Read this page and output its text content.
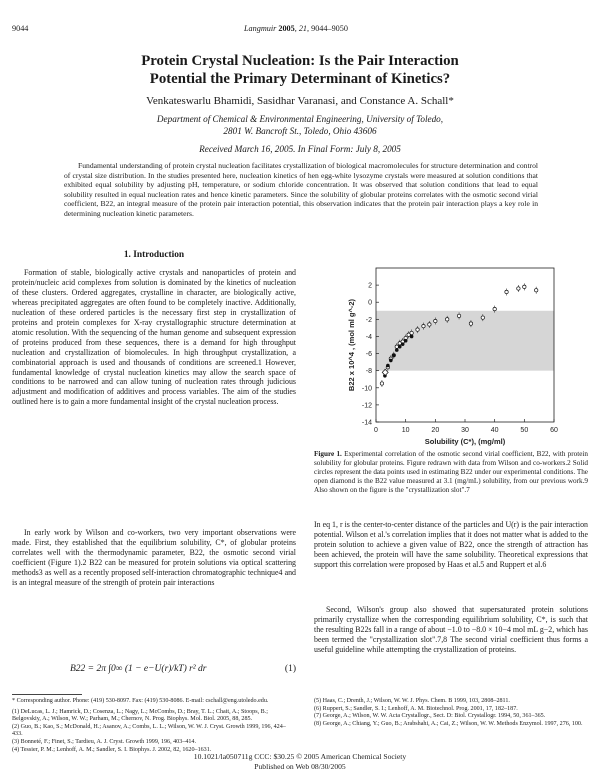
9044	Langmuir 2005, 21, 9044–9050
Protein Crystal Nucleation: Is the Pair Interaction
Potential the Primary Determinant of Kinetics?
Venkateswarlu Bhamidi, Sasidhar Varanasi, and Constance A. Schall*
Department of Chemical & Environmental Engineering, University of Toledo,
2801 W. Bancroft St., Toledo, Ohio 43606
Received March 16, 2005. In Final Form: July 8, 2005
Fundamental understanding of protein crystal nucleation facilitates crystallization of biological macromolecules for structure determination and control of crystal size distribution. In the studies presented here, nucleation kinetics of hen egg-white lysozyme crystals were measured at solution conditions that exhibited equal solubility by adjusting pH, temperature, or sodium chloride concentration. It was observed that solution conditions that lead to equal solubility resulted in equal nucleation rates and hence kinetic parameters. Since the solubility of globular proteins correlates with the osmotic second virial coefficient, B22, an integral measure of the protein pair interaction potential, this observation indicates that the protein pair interaction plays a key role in determining nucleation kinetic parameters.
1. Introduction
Formation of stable, biologically active crystals and nanoparticles of protein and protein/nucleic acid complexes from solution is dominated by the kinetics of nucleation of these clusters. Ordered aggregates, crystalline in character, are biologically active, whereas precipitated aggregates are often found to be completely inactive. Additionally, nucleation of these ordered particles is the necessary first step in crystallization of proteins and protein complexes for X-ray crystallographic structure determination at atomic resolution. With the sequencing of the human genome and subsequent expression of proteins produced from these sequences, there is a demand for high throughput nucleation and crystallization of biomolecules. In high throughput crystallization, a combinatorial approach is used and thousands of conditions are screened.1 However, fundamental knowledge of crystal nucleation kinetics may allow the search space of conditions to be narrowed and can allow tuning of nucleation rates through judicious adjustment and modification of additives and process variables. The aim of the studies outlined here is to gain a more fundamental insight of the crystal nucleation process.
In early work by Wilson and co-workers, two very important observations were made. First, they established that the equilibrium solubility, C*, of globular proteins correlates well with the thermodynamic parameter, B22, the osmotic second virial coefficient (Figure 1).2 B22 can be measured for protein solutions via optical scattering methods3 as well as a recently proposed self-interaction chromatographic technique4 and is an integral measure of the strength of protein pair interactions
B22 = 2π ∫0∞ (1 − e−U(r)/kT) r² dr	(1)
0	10	20	30	40	50	60
2
0
-2
-4
-6
-8
-10
-12
-14
Solubility (C*), (mg/ml)
B22 x 10^4 , (mol ml g^-2)
Figure 1. Experimental correlation of the osmotic second virial coefficient, B22, with protein solubility for globular proteins. Figure redrawn with data from Wilson and co-workers.2 Solid circles represent the data points used in estimating B22 under our experimental conditions. The open diamond is the B22 value measured at 3.1 (mg/mL) solubility, from our previous work.9 Also shown on the figure is the "crystallization slot".7
In eq 1, r is the center-to-center distance of the particles and U(r) is the pair interaction potential. Wilson et al.'s correlation implies that it does not matter what is added to the protein solution to achieve a given value of B22, once the strength of attraction has been achieved, the protein will have the same solubility. Theoretical expressions that support this correlation were proposed by Haas et al.5 and Ruppert et al.6
Second, Wilson's group also showed that supersaturated protein solutions primarily crystallize when the corresponding equilibrium solubility, C*, is such that the resulting B22s fall in a range of about −1.0 to −8.0 × 10−4 mol mL g−2, which has been termed the "crystallization slot".7,8 The second virial coefficient thus forms a useful guideline while attempting the crystallization of proteins.
* Corresponding author. Phone: (419) 530-8097. Fax: (419) 530-8086. E-mail: cschall@eng.utoledo.edu.
(1) DeLucas, L. J.; Hamrick, D.; Cosenza, L.; Nagy, L.; McCombs, D.; Bray, T. L.; Chait, A.; Stoops, B.; Belgovskiy, A.; Wilson, W. W.; Parham, M.; Chernov, N. Prog. Biophys. Mol. Biol. 2005, 88, 285.
(2) Guo, B.; Kao, S.; McDonald, H.; Asanov, A.; Combs, L. L.; Wilson, W. W. J. Cryst. Growth 1999, 196, 424–433.
(3) Bonneté, F.; Finet, S.; Tardieu, A. J. Cryst. Growth 1999, 196, 403–414.
(4) Tessier, P. M.; Lenhoff, A. M.; Sandler, S. I. Biophys. J. 2002, 82, 1620–1631.
(5) Haas, C.; Drenth, J.; Wilson, W. W. J. Phys. Chem. B 1999, 103, 2808–2811.
(6) Ruppert, S.; Sandler, S. I.; Lenhoff, A. M. Biotechnol. Prog. 2001, 17, 182–187.
(7) George, A.; Wilson, W. W. Acta Crystallogr., Sect. D: Biol. Crystallogr. 1994, 50, 361–365.
(8) George, A.; Chiang, Y.; Guo, B.; Arabshahi, A.; Cai, Z.; Wilson, W. W. Methods Enzymol. 1997, 276, 100.
10.1021/la050711g CCC: $30.25 © 2005 American Chemical Society
Published on Web 08/30/2005
